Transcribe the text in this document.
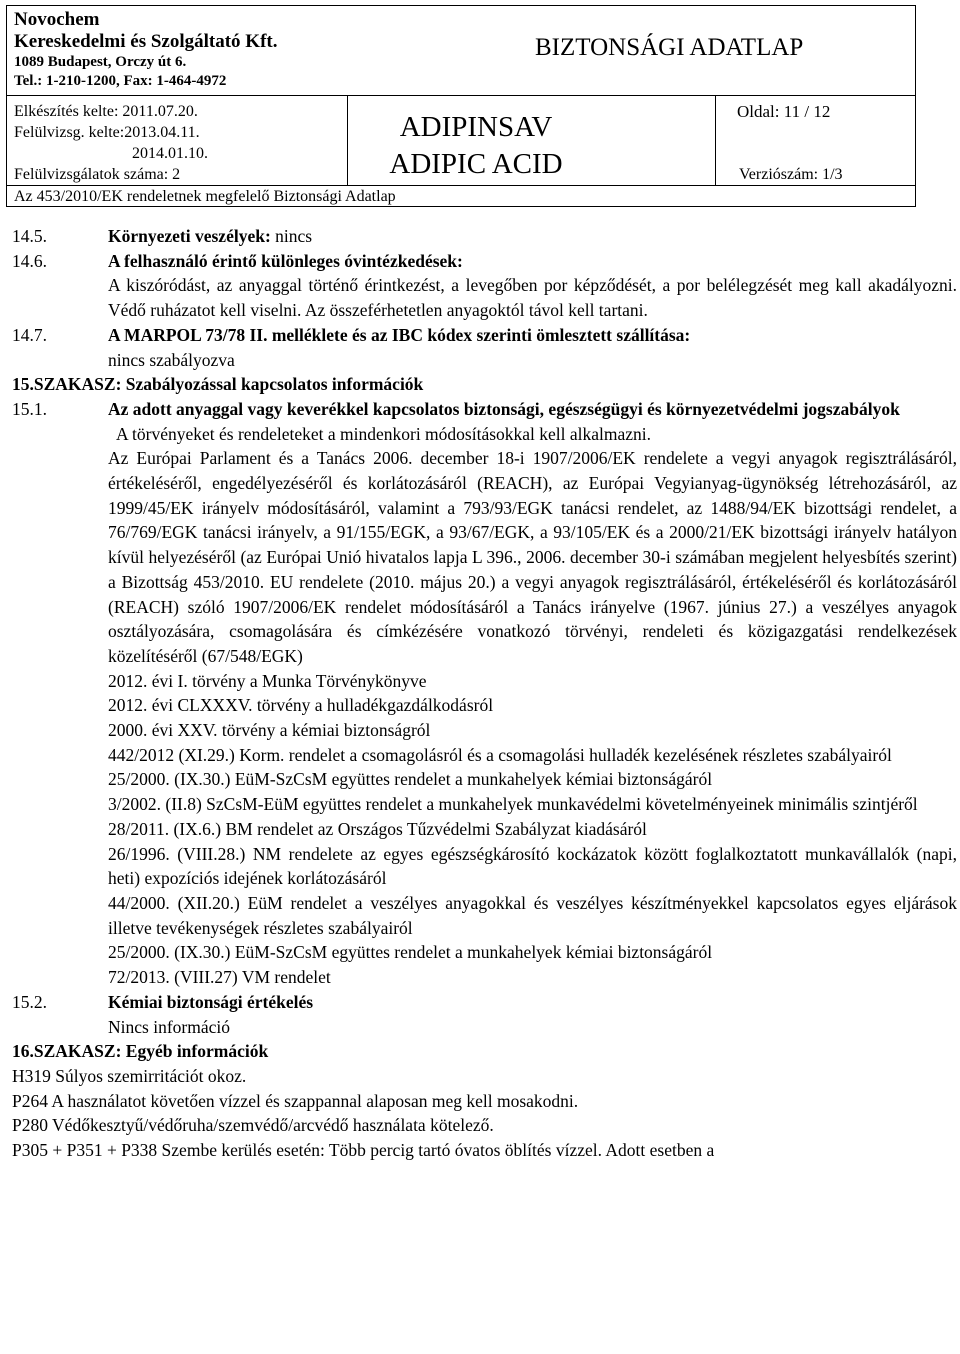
Novochem
Kereskedelmi és Szolgáltató Kft.
1089 Budapest, Orczy út 6.
Tel.: 1-210-1200, Fax: 1-464-4972
BIZTONSÁGI ADATLAP
Elkészítés kelte: 2011.07.20.
Felülvizsg. kelte:2013.04.11.
2014.01.10.
Felülvizsgálatok száma: 2
ADIPINSAV
ADIPIC ACID
Oldal: 11 / 12
Verziószám: 1/3
Az 453/2010/EK rendeletnek megfelelő Biztonsági Adatlap
14.5.	Környezeti veszélyek: nincs
14.6.	A felhasználó érintő különleges óvintézkedések:
A kiszóródást, az anyaggal történő érintkezést, a levegőben por képződését, a por belélegzését meg kall akadályozni. Védő ruházatot kell viselni. Az összeférhetetlen anyagoktól távol kell tartani.
14.7.	A MARPOL 73/78 II. melléklete és az IBC kódex szerinti ömlesztett szállítása:
nincs szabályozva
15.SZAKASZ: Szabályozással kapcsolatos információk
15.1.	Az adott anyaggal vagy keverékkel kapcsolatos biztonsági, egészségügyi és környezetvédelmi jogszabályok
A törvényeket és rendeleteket a mindenkori módosításokkal kell alkalmazni.
Az Európai Parlament és a Tanács 2006. december 18-i 1907/2006/EK rendelete a vegyi anyagok regisztrálásáról, értékeléséről, engedélyezéséről és korlátozásáról (REACH), az Európai Vegyianyag-ügynökség létrehozásáról, az 1999/45/EK irányelv módosításáról, valamint a 793/93/EGK tanácsi rendelet, az 1488/94/EK bizottsági rendelet, a 76/769/EGK tanácsi irányelv, a 91/155/EGK, a 93/67/EGK, a 93/105/EK és a 2000/21/EK bizottsági irányelv hatályon kívül helyezéséről (az Európai Unió hivatalos lapja L 396., 2006. december 30-i számában megjelent helyesbítés szerint) a Bizottság 453/2010. EU rendelete (2010. május 20.) a vegyi anyagok regisztrálásáról, értékeléséről és korlátozásáról (REACH) szóló 1907/2006/EK rendelet módosításáról a Tanács irányelve (1967. június 27.) a veszélyes anyagok osztályozására, csomagolására és címkézésére vonatkozó törvényi, rendeleti és közigazgatási rendelkezések közelítéséről (67/548/EGK)
2012. évi I. törvény a Munka Törvénykönyve
2012. évi CLXXXV. törvény a hulladékgazdálkodásról
2000. évi XXV. törvény a kémiai biztonságról
442/2012 (XI.29.) Korm. rendelet a csomagolásról és a csomagolási hulladék kezelésének részletes szabályairól
25/2000. (IX.30.) EüM-SzCsM együttes rendelet a munkahelyek kémiai biztonságáról
3/2002. (II.8) SzCsM-EüM együttes rendelet a munkahelyek munkavédelmi követelményeinek minimális szintjéről
28/2011. (IX.6.) BM rendelet az Országos Tűzvédelmi Szabályzat kiadásáról
26/1996. (VIII.28.) NM rendelete az egyes egészségkárosító kockázatok között foglalkoztatott munkavállalók (napi, heti) expozíciós idejének korlátozásáról
44/2000. (XII.20.) EüM rendelet a veszélyes anyagokkal és veszélyes készítményekkel kapcsolatos egyes eljárások illetve tevékenységek részletes szabályairól
25/2000. (IX.30.) EüM-SzCsM együttes rendelet a munkahelyek kémiai biztonságáról
72/2013. (VIII.27) VM rendelet
15.2.	Kémiai biztonsági értékelés
Nincs információ
16.SZAKASZ: Egyéb információk
H319 Súlyos szemirritációt okoz.
P264 A használatot követően vízzel és szappannal alaposan meg kell mosakodni.
P280 Védőkesztyű/védőruha/szemvédő/arcvédő használata kötelező.
P305 + P351 + P338 Szembe kerülés esetén: Több percig tartó óvatos öblítés vízzel. Adott esetben a
